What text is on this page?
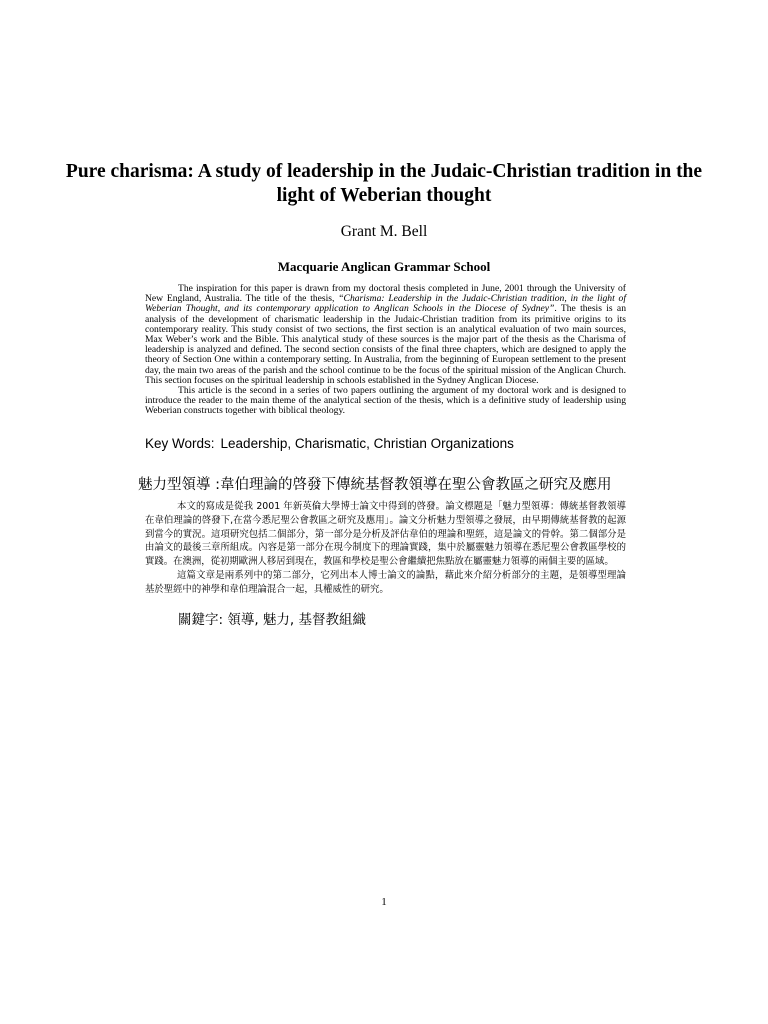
Pure charisma: A study of leadership in the Judaic-Christian tradition in the light of Weberian thought
Grant M. Bell
Macquarie Anglican Grammar School

The inspiration for this paper is drawn from my doctoral thesis completed in June, 2001 through the University of New England, Australia. The title of the thesis, “Charisma: Leadership in the Judaic-Christian tradition, in the light of Weberian Thought, and its contemporary application to Anglican Schools in the Diocese of Sydney”. The thesis is an analysis of the development of charismatic leadership in the Judaic-Christian tradition from its primitive origins to its contemporary reality. This study consist of two sections, the first section is an analytical evaluation of two main sources, Max Weber’s work and the Bible. This analytical study of these sources is the major part of the thesis as the Charisma of leadership is analyzed and defined. The second section consists of the final three chapters, which are designed to apply the theory of Section One within a contemporary setting. In Australia, from the beginning of European settlement to the present day, the main two areas of the parish and the school continue to be the focus of the spiritual mission of the Anglican Church. This section focuses on the spiritual leadership in schools established in the Sydney Anglican Diocese.

This article is the second in a series of two papers outlining the argument of my doctoral work and is designed to introduce the reader to the main theme of the analytical section of the thesis, which is a definitive study of leadership using Weberian constructs together with biblical theology.

Key Words: Leadership, Charismatic, Christian Organizations
魅力型領導 :韋伯理論的啓發下傳統基督教領導在聖公會教區之研究及應用

本文的寫成是從我 2001 年新英倫大學博士論文中得到的啓發。論文標題是「魅力型領導：傳統基督教領導在韋伯理論的啓發下,在當今悉尼聖公會教區之研究及應用」。論文分析魅力型領導之發展，由早期傳統基督教的起源到當今的實況。這項研究包括二個部分，第一部分是分析及評估韋伯的理論和聖經，這是論文的骨幹。第二個部分是由論文的最後三章所組成。內容是第一部分在現今制度下的理論實踐，集中於屬靈魅力領導在悉尼聖公會教區學校的實踐。在澳洲，從初期歐洲人移居到現在，教區和學校是聖公會繼續把焦點放在屬靈魅力領導的兩個主要的區域。

這篇文章是兩系列中的第二部分，它列出本人博士論文的論點，藉此來介紹分析部分的主題，是領導型理論基於聖經中的神學和韋伯理論混合一起，具權威性的研究。

關鍵字: 領導, 魅力, 基督教組織
1
